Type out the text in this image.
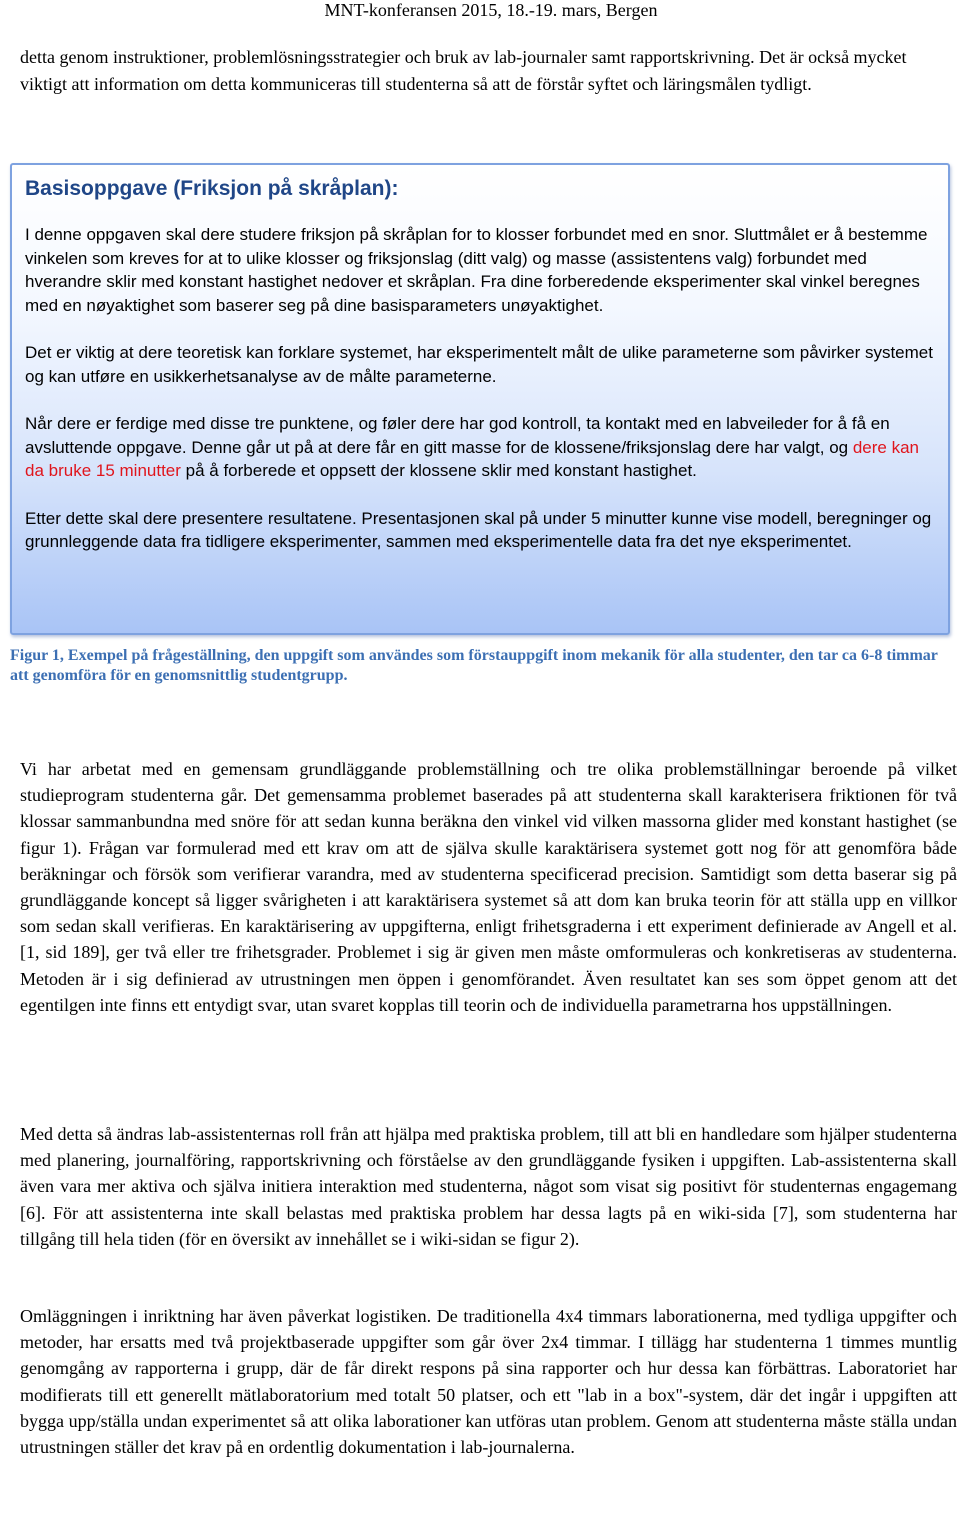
MNT-konferansen 2015, 18.-19. mars, Bergen

detta genom instruktioner, problemlösningsstrategier och bruk av lab-journaler samt rapportskrivning. Det är också mycket viktigt att information om detta kommuniceras till studenterna så att de förstår syftet och läringsmålen tydligt.

Basisoppgave (Friksjon på skråplan):

I denne oppgaven skal dere studere friksjon på skråplan for to klosser forbundet med en snor. Sluttmålet er å bestemme vinkelen som kreves for at to ulike klosser og friksjonslag (ditt valg) og masse (assistentens valg) forbundet med hverandre sklir med konstant hastighet nedover et skråplan. Fra dine forberedende eksperimenter skal vinkel beregnes med en nøyaktighet som baserer seg på dine basisparameters unøyaktighet.

Det er viktig at dere teoretisk kan forklare systemet, har eksperimentelt målt de ulike parameterne som påvirker systemet og kan utføre en usikkerhetsanalyse av de målte parameterne.

Når dere er ferdige med disse tre punktene, og føler dere har god kontroll, ta kontakt med en labveileder for å få en avsluttende oppgave. Denne går ut på at dere får en gitt masse for de klossene/friksjonslag dere har valgt, og dere kan da bruke 15 minutter på å forberede et oppsett der klossene sklir med konstant hastighet.

Etter dette skal dere presentere resultatene. Presentasjonen skal på under 5 minutter kunne vise modell, beregninger og grunnleggende data fra tidligere eksperimenter, sammen med eksperimentelle data fra det nye eksperimentet.

Figur 1, Exempel på frågeställning, den uppgift som användes som förstauppgift inom mekanik för alla studenter, den tar ca 6-8 timmar att genomföra för en genomsnittlig studentgrupp.

Vi har arbetat med en gemensam grundläggande problemställning och tre olika problemställningar beroende på vilket studieprogram studenterna går. Det gemensamma problemet baserades på att studenterna skall karakterisera friktionen för två klossar sammanbundna med snöre för att sedan kunna beräkna den vinkel vid vilken massorna glider med konstant hastighet (se figur 1). Frågan var formulerad med ett krav om att de själva skulle karaktärisera systemet gott nog för att genomföra både beräkningar och försök som verifierar varandra, med av studenterna specificerad precision. Samtidigt som detta baserar sig på grundläggande koncept så ligger svårigheten i att karaktärisera systemet så att dom kan bruka teorin för att ställa upp en villkor som sedan skall verifieras. En karaktärisering av uppgifterna, enligt frihetsgraderna i ett experiment definierade av Angell et al. [1, sid 189], ger två eller tre frihetsgrader. Problemet i sig är given men måste omformuleras och konkretiseras av studenterna. Metoden är i sig definierad av utrustningen men öppen i genomförandet. Även resultatet kan ses som öppet genom att det egentilgen inte finns ett entydigt svar, utan svaret kopplas till teorin och de individuella parametrarna hos uppställningen.

Med detta så ändras lab-assistenternas roll från att hjälpa med praktiska problem, till att bli en handledare som hjälper studenterna med planering, journalföring, rapportskrivning och förståelse av den grundläggande fysiken i uppgiften. Lab-assistenterna skall även vara mer aktiva och själva initiera interaktion med studenterna, något som visat sig positivt för studenternas engagemang [6]. För att assistenterna inte skall belastas med praktiska problem har dessa lagts på en wiki-sida [7], som studenterna har tillgång till hela tiden (för en översikt av innehållet se i wiki-sidan se figur 2).

Omläggningen i inriktning har även påverkat logistiken. De traditionella 4x4 timmars laborationerna, med tydliga uppgifter och metoder, har ersatts med två projektbaserade uppgifter som går över 2x4 timmar. I tillägg har studenterna 1 timmes muntlig genomgång av rapporterna i grupp, där de får direkt respons på sina rapporter och hur dessa kan förbättras. Laboratoriet har modifierats till ett generellt mätlaboratorium med totalt 50 platser, och ett "lab in a box"-system, där det ingår i uppgiften att bygga upp/ställa undan experimentet så att olika laborationer kan utföras utan problem. Genom att studenterna måste ställa undan utrustningen ställer det krav på en ordentlig dokumentation i lab-journalerna.
